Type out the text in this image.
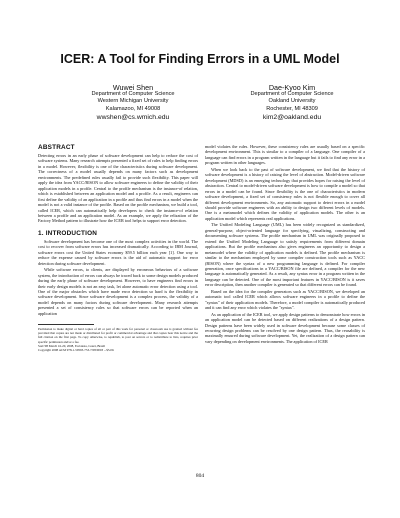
ICER: A Tool for Finding Errors in a UML Model
Wuwei Shen
Department of Computer Science
Western Michigan University
Kalamazoo, MI 49008
wwshen@cs.wmich.edu
Dae-Kyoo Kim
Department of Computer Science
Oakland University
Rochester, MI 48309
kim2@oakland.edu
ABSTRACT

Detecting errors in an early phase of software development can help to reduce the cost of software systems. Many research attempts presented a fixed set of rules to help finding errors in a model. However, flexibility is one of the characteristics during software development. The correctness of a model usually depends on many factors such as development environments. The predefined rules usually fail to provide such flexibility. This paper will apply the idea from YACC/BISON to allow software engineers to define the validity of their application models in a profile. Central to the profile mechanism is the instance-of relation, which is established between an application model and a profile. As a result, engineers can first define the validity of an application in a profile and thus find errors in a model when the model is not a valid instance of the profile. Based on the profile mechanism, we build a tool, called ICER, which can automatically help developers to check the instance-of relation between a profile and an application model. As an example, we apply the relization of the Factory Method pattern to illustrate how the ICER tool helps to support error detection.

1. INTRODUCTION

Software development has become one of the most complex activities in the world. The cost to recover from software errors has increased dramatically. According to IBM Journal, software errors cost the United States economy $59.5 billion each year [1]. One way to reduce the expense caused by software errors is the aid of automatic support for error detection during software development.

While software errors, to clients, are displayed by erroneous behaviors of a software system, the introduction of errors can always be traced back to some design models produced during the early phase of software development. However, to have engineers find errors in their early design models is not an easy task, let alone automatic error detection using a tool. One of the major obstacles which have made error detection so hard is the flexibility in software development. Since software development is a complex process, the validity of a model depends on many factors during software development. Many research attempts presented a set of consistency rules so that software errors can be reported when an application

Permission to make digital or hard copies of all or part of this work for personal or classroom use is granted without fee provided that copies are not made or distributed for profit or commercial advantage and that copies bear this notice and the full citation on the first page. To copy otherwise, to republish, to post on servers or to redistribute to lists, requires prior specific permission and/or a fee.

SAC'08 March 16-20, 2008, Fortaleza, Ceará, Brazil

Copyright 2008 ACM 978-1-59593-753-7/08/0003 ...$5.00.

model violates the rules. However, these consistency rules are usually based on a specific development environment. This is similar to a compiler of a language. One compiler of a language can find errors in a program written in the language but it fails to find any error in a program written in other languages.

When we look back to the past of software development, we find that the history of software development is a history of raising the level of abstraction. Model-driven software development (MDSD) is an emerging technology that provides hopes for raising the level of abstraction. Central to model-driven software development is how to compile a model so that errors in a model can be found. Since flexibility is the one of characteristics in modern software development, a fixed set of consistency rules is not flexible enough to cover all different development environments. So, any automatic support to detect errors in a model should provide software engineers with an ability to design two different levels of models. One is a metamodel which defines the validity of application models. The other is an application model which represents real applications.

The Unified Modeling Language (UML) has been widely recognized as standardized, general-purpose, object-oriented language for specifying, visualizing, constructing and documenting software systems. The profile mechanism in UML was originally proposed to extend the Unified Modeling Language to satisfy requirements from different domain applications. But the profile mechanism also gives engineers an opportunity to design a metamodel where the validity of application models is defined. The profile mechanism is similar to the mechanism employed by some compiler construction tools such as YACC (BISON) where the syntax of a new programming language is defined. For compiler generation, once specifications in a YACC/BISON file are defined, a compiler for the new language is automatically generated. As a result, any syntax error in a program written in the language can be detected. One of the most important features in YACC/BISON is it saves error description, then another compiler is generated so that different errors can be found.

Based on the idea for the compiler generators such as YACC/BISON, we developed an automatic tool called ICER which allows software engineers in a profile to define the "syntax" of their application models. Therefore, a model compiler is automatically produced and it can find any error which violates the "syntax".

As an application of the ICER tool, we apply design patterns to demonstrate how errors in an application model can be detected based on different realizations of a design pattern. Design patterns have been widely used in software development because some classes of recurring design problems can be resolved by one design pattern. Thus, the reusability is maximally ensured during software development. Yet, the realization of a design pattern can vary depending on development environments. The application of ICER

804
